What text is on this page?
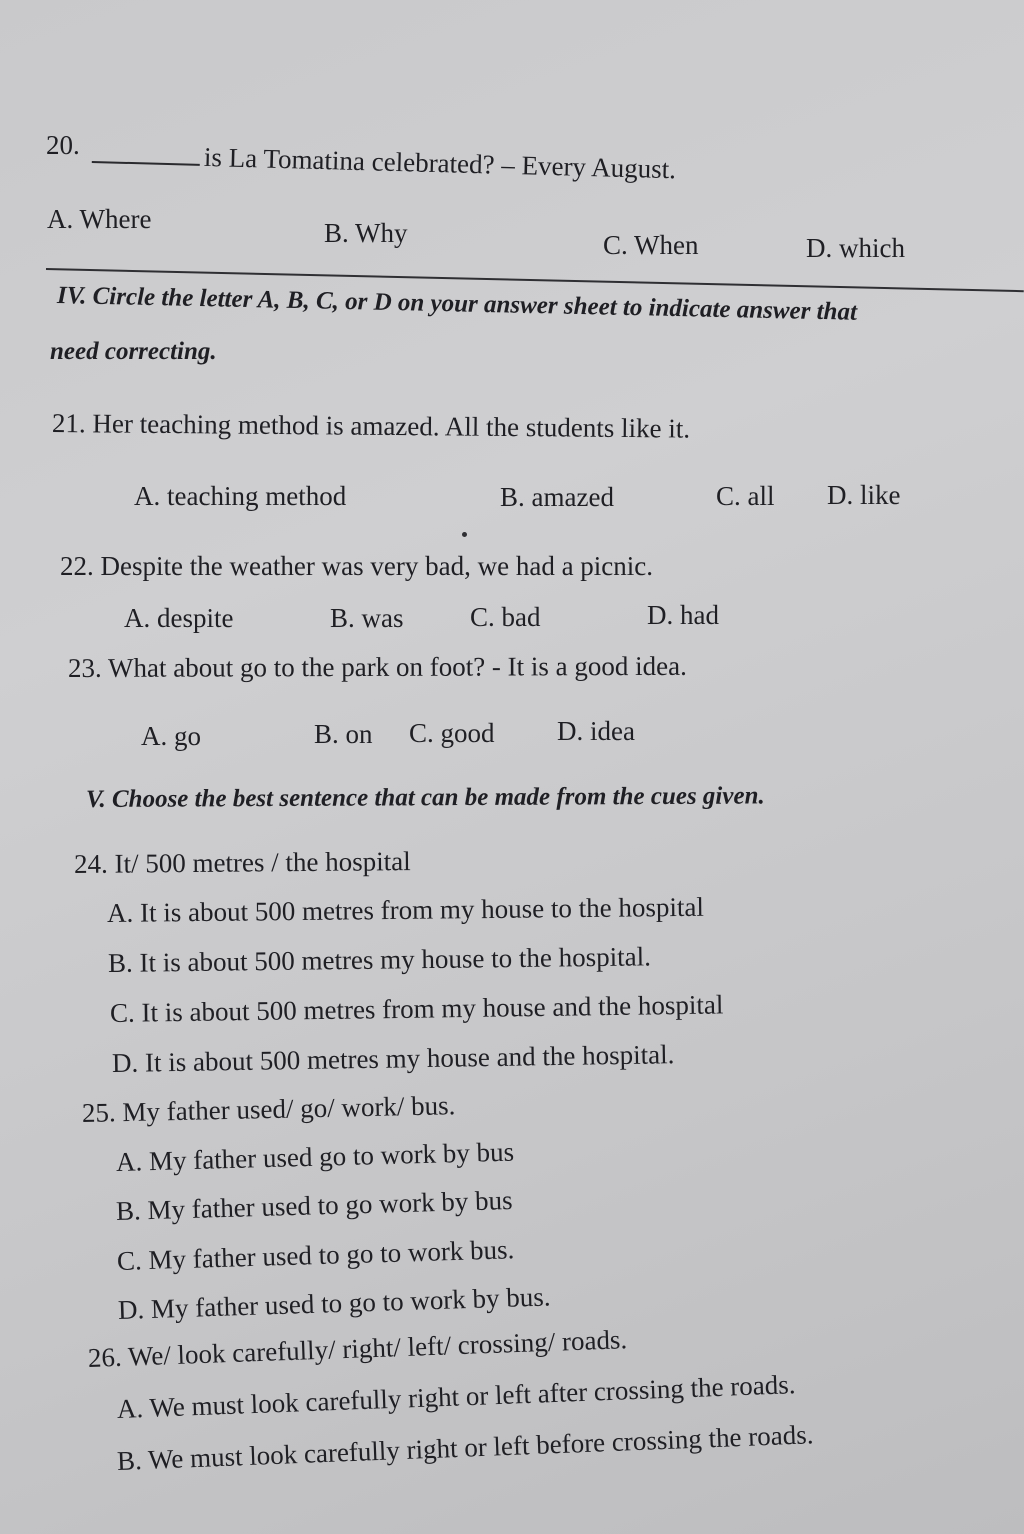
20.	is La Tomatina celebrated? – Every August.
A. Where	B. Why	C. When	D. which
IV. Circle the letter A, B, C, or D on your answer sheet to indicate answer that
need correcting.
21. Her teaching method is amazed. All the students like it.
A. teaching method	B. amazed	C. all D. like
22. Despite the weather was very bad, we had a picnic.
A. despite	B. was C. bad	D. had
23. What about go to the park on foot? - It is a good idea.
A. go	B. on C. good D. idea
V. Choose the best sentence that can be made from the cues given.
24. It/ 500 metres / the hospital
A. It is about 500 metres from my house to the hospital
B. It is about 500 metres my house to the hospital.
C. It is about 500 metres from my house and the hospital
D. It is about 500 metres my house and the hospital.
25. My father used/ go/ work/ bus.
A. My father used go to work by bus
B. My father used to go work by bus
C. My father used to go to work bus.
D. My father used to go to work by bus.
26. We/ look carefully/ right/ left/ crossing/ roads.
A. We must look carefully right or left after crossing the roads.
B. We must look carefully right or left before crossing the roads.
